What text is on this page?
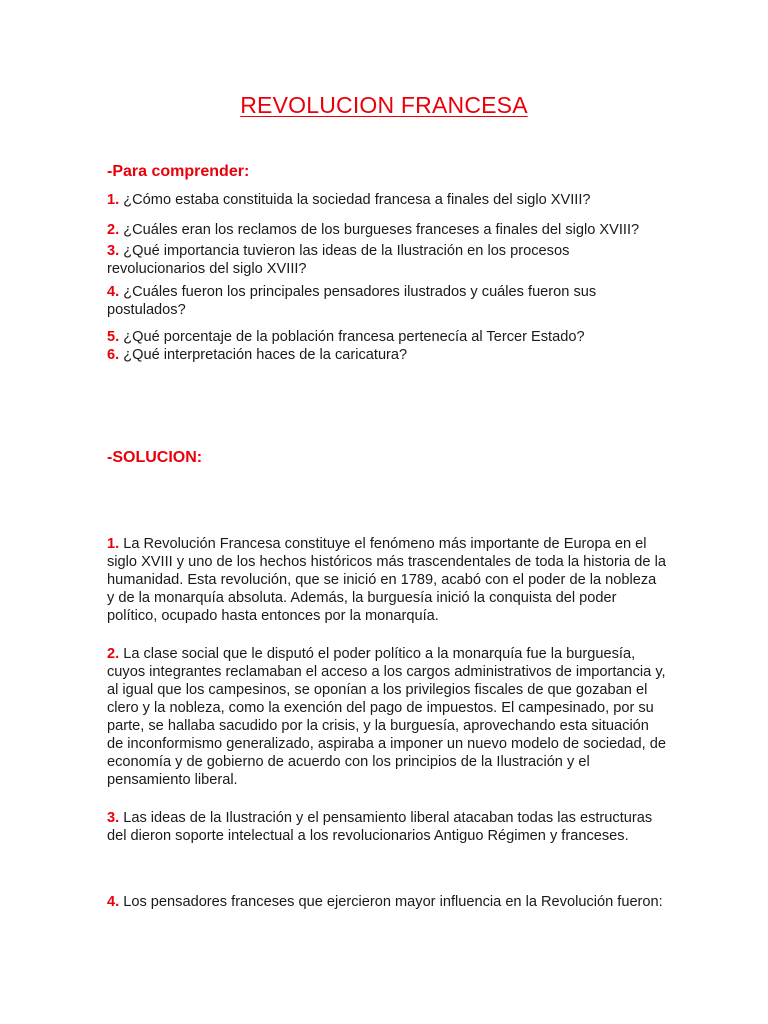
REVOLUCION FRANCESA
-Para comprender:
1. ¿Cómo estaba constituida la sociedad francesa a finales del siglo XVIII?
2. ¿Cuáles eran los reclamos de los burgueses franceses a finales del siglo XVIII?
3. ¿Qué importancia tuvieron las ideas de la Ilustración en los procesos revolucionarios del siglo XVIII?
4. ¿Cuáles fueron los principales pensadores ilustrados y cuáles fueron sus postulados?
5. ¿Qué porcentaje de la población francesa pertenecía al Tercer Estado?
6. ¿Qué interpretación haces de la caricatura?
-SOLUCION:
1. La Revolución Francesa constituye el fenómeno más importante de Europa en el siglo XVIII y uno de los hechos históricos más trascendentales de toda la historia de la humanidad. Esta revolución, que se inició en 1789, acabó con el poder de la nobleza y de la monarquía absoluta. Además, la burguesía inició la conquista del poder político, ocupado hasta entonces por la monarquía.
2. La clase social que le disputó el poder político a la monarquía fue la burguesía, cuyos integrantes reclamaban el acceso a los cargos administrativos de importancia y, al igual que los campesinos, se oponían a los privilegios fiscales de que gozaban el clero y la nobleza, como la exención del pago de impuestos. El campesinado, por su parte, se hallaba sacudido por la crisis, y la burguesía, aprovechando esta situación de inconformismo generalizado, aspiraba a imponer un nuevo modelo de sociedad, de economía y de gobierno de acuerdo con los principios de la Ilustración y el pensamiento liberal.
3. Las ideas de la Ilustración y el pensamiento liberal atacaban todas las estructuras del dieron soporte intelectual a los revolucionarios Antiguo Régimen y franceses.
4. Los pensadores franceses que ejercieron mayor influencia en la Revolución fueron:
